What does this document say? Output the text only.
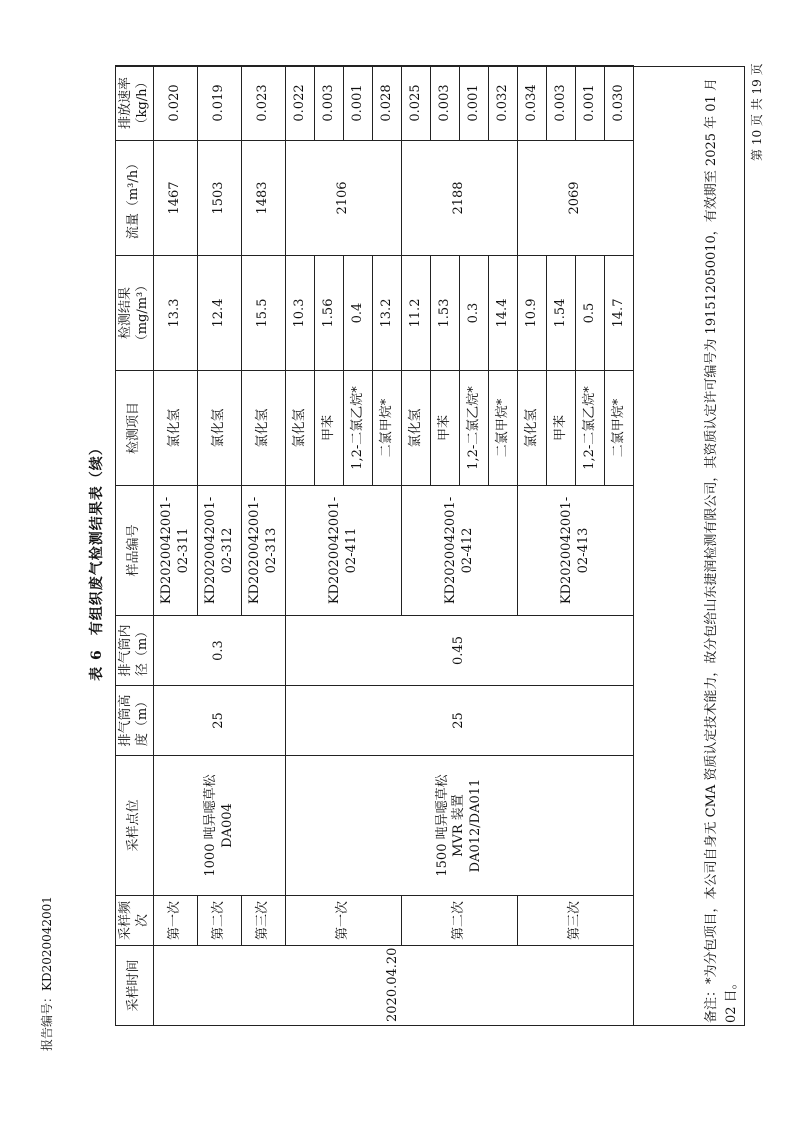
报告编号：KD2020042001
第 10 页 共 19 页
表 6有组织废气检测结果表（续）
采样时间	采样频次	采样点位	排气筒高度（m）	排气筒内径（m）	样品编号	检测项目	检测结果（mg/m³）	流量（m³/h）	排放速率（kg/h）
2020.04.20	第一次	1000 吨异噁草松 DA004	25	0.3	KD2020042001-02-311	氯化氢	13.3	1467	0.020
	第二次				KD2020042001-02-312	氯化氢	12.4	1503	0.019
	第三次				KD2020042001-02-313	氯化氢	15.5	1483	0.023
	第一次	1500 吨异噁草松 MVR 装置 DA012/DA011	25	0.45	KD2020042001-02-411	氯化氢	10.3	2106	0.022
						甲苯	1.56		0.003
						1,2-二氯乙烷*	0.4		0.001
						二氯甲烷*	13.2		0.028
	第二次				KD2020042001-02-412	氯化氢	11.2	2188	0.025
						甲苯	1.53		0.003
						1,2-二氯乙烷*	0.3		0.001
						二氯甲烷*	14.4		0.032
	第三次				KD2020042001-02-413	氯化氢	10.9	2069	0.034
						甲苯	1.54		0.003
						1,2-二氯乙烷*	0.5		0.001
						二氯甲烷*	14.7		0.030	备注：*为分包项目，本公司自身无 CMA 资质认定技术能力，故分包给山东捷润检测有限公司，其资质认定许可编号为 191512050010，有效期至 2025 年 01 月 02 日。
